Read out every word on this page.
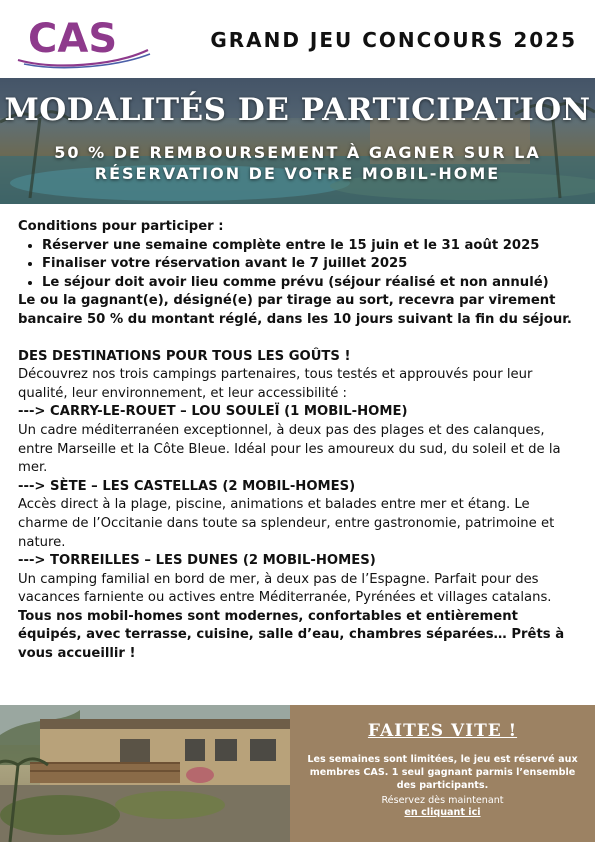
CAS	GRAND JEU CONCOURS 2025
MODALITÉS DE PARTICIPATION
50 % DE REMBOURSEMENT À GAGNER SUR LA
RÉSERVATION DE VOTRE MOBIL-HOME

Conditions pour participer :

• Réserver une semaine complète entre le 15 juin et le 31 août 2025
• Finaliser votre réservation avant le 7 juillet 2025
• Le séjour doit avoir lieu comme prévu (séjour réalisé et non annulé)

Le ou la gagnant(e), désigné(e) par tirage au sort, recevra par virement bancaire 50 % du montant réglé, dans les 10 jours suivant la fin du séjour.

DES DESTINATIONS POUR TOUS LES GOÛTS !

Découvrez nos trois campings partenaires, tous testés et approuvés pour leur qualité, leur environnement, et leur accessibilité :

---> CARRY-LE-ROUET – LOU SOULEÏ (1 MOBIL-HOME)

Un cadre méditerranéen exceptionnel, à deux pas des plages et des calanques, entre Marseille et la Côte Bleue. Idéal pour les amoureux du sud, du soleil et de la mer.

---> SÈTE – LES CASTELLAS (2 MOBIL-HOMES)

Accès direct à la plage, piscine, animations et balades entre mer et étang. Le charme de l’Occitanie dans toute sa splendeur, entre gastronomie, patrimoine et nature.

---> TORREILLES – LES DUNES (2 MOBIL-HOMES)

Un camping familial en bord de mer, à deux pas de l’Espagne. Parfait pour des vacances farniente ou actives entre Méditerranée, Pyrénées et villages catalans.

Tous nos mobil-homes sont modernes, confortables et entièrement équipés, avec terrasse, cuisine, salle d’eau, chambres séparées… Prêts à vous accueillir !

FAITES VITE !
Les semaines sont limitées, le jeu est réservé aux membres CAS. 1 seul gagnant parmis l’ensemble des participants.
Réservez dès maintenant
en cliquant ici
